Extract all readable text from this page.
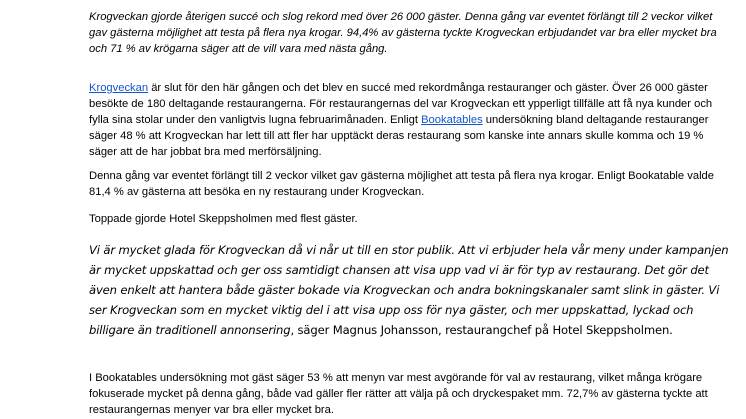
Krogveckan gjorde återigen succé och slog rekord med över 26 000 gäster. Denna gång var eventet förlängt till 2 veckor vilket gav gästerna möjlighet att testa på flera nya krogar. 94,4% av gästerna tyckte Krogveckan erbjudandet var bra eller mycket bra och 71 % av krögarna säger att de vill vara med nästa gång.

Krogveckan är slut för den här gången och det blev en succé med rekordmånga restauranger och gäster. Över 26 000 gäster besökte de 180 deltagande restaurangerna. För restaurangernas del var Krogveckan ett ypperligt tillfälle att få nya kunder och fylla sina stolar under den vanligtvis lugna februarimånaden. Enligt Bookatables undersökning bland deltagande restauranger säger 48 % att Krogveckan har lett till att fler har upptäckt deras restaurang som kanske inte annars skulle komma och 19 % säger att de har jobbat bra med merförsäljning.

Denna gång var eventet förlängt till 2 veckor vilket gav gästerna möjlighet att testa på flera nya krogar. Enligt Bookatable valde 81,4 % av gästerna att besöka en ny restaurang under Krogveckan.

Toppade gjorde Hotel Skeppsholmen med flest gäster.

Vi är mycket glada för Krogveckan då vi når ut till en stor publik. Att vi erbjuder hela vår meny under kampanjen är mycket uppskattad och ger oss samtidigt chansen att visa upp vad vi är för typ av restaurang. Det gör det även enkelt att hantera både gäster bokade via Krogveckan och andra bokningskanaler samt slink in gäster. Vi ser Krogveckan som en mycket viktig del i att visa upp oss för nya gäster, och mer uppskattad, lyckad och billigare än traditionell annonsering, säger Magnus Johansson, restaurangchef på Hotel Skeppsholmen.

I Bookatables undersökning mot gäst säger 53 % att menyn var mest avgörande för val av restaurang, vilket många krögare fokuserade mycket på denna gång, både vad gäller fler rätter att välja på och dryckespaket mm. 72,7% av gästerna tyckte att restaurangernas menyer var bra eller mycket bra.
